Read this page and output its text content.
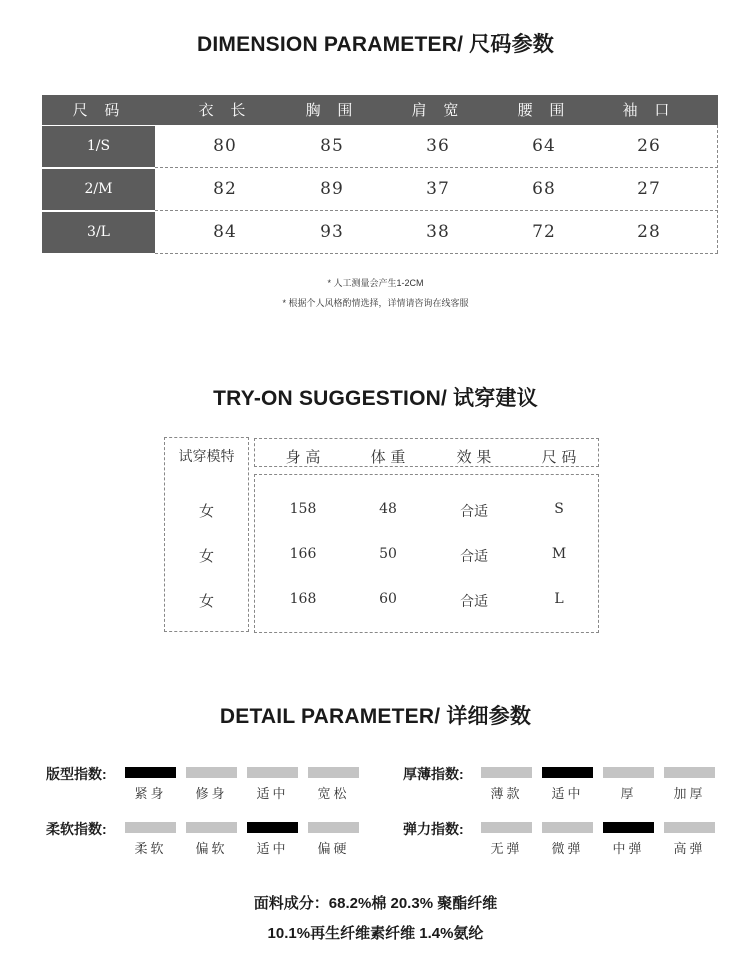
DIMENSION PARAMETER/ 尺码参数
尺 码	衣 长	胸 围	肩 宽	腰 围	袖 口
1/S	80	85	36	64	26
2/M	82	89	37	68	27
3/L	84	93	38	72	28
* 人工测量会产生1-2CM
* 根据个人风格酌情选择，详情请咨询在线客服
TRY-ON SUGGESTION/ 试穿建议
试穿模特	身 高	体 重	效 果	尺 码
女	158	48	合适	S
女	166	50	合适	M
女	168	60	合适	L
DETAIL PARAMETER/ 详细参数
版型指数:
紧身	修身	适中	宽松
厚薄指数:
薄款	适中	厚	加厚
柔软指数:
柔软	偏软	适中	偏硬
弹力指数:
无弹	微弹	中弹	高弹
面料成分：68.2%棉 20.3% 聚酯纤维
10.1%再生纤维素纤维 1.4%氨纶
